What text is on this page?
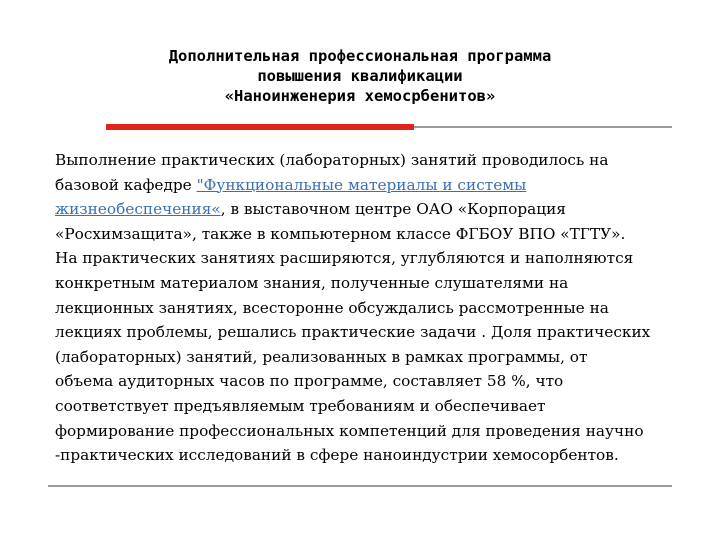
Дополнительная профессиональная программа
повышения квалификации
«Наноинженерия хемосрбенитов»
Выполнение практических (лабораторных) занятий проводилось на
базовой кафедре "Функциональные материалы и системы
жизнеобеспечения«, в выставочном центре ОАО «Корпорация
«Росхимзащита», также в компьютерном классе ФГБОУ ВПО «ТГТУ».
На практических занятиях расширяются, углубляются и наполняются
конкретным материалом знания, полученные слушателями на
лекционных занятиях, всесторонне обсуждались рассмотренные на
лекциях проблемы, решались практические задачи . Доля практических
(лабораторных) занятий, реализованных в рамках программы, от
объема аудиторных часов по программе, составляет 58 %, что
соответствует предъявляемым требованиям и обеспечивает
формирование профессиональных компетенций для проведения научно
-практических исследований в сфере наноиндустрии хемосорбентов.
